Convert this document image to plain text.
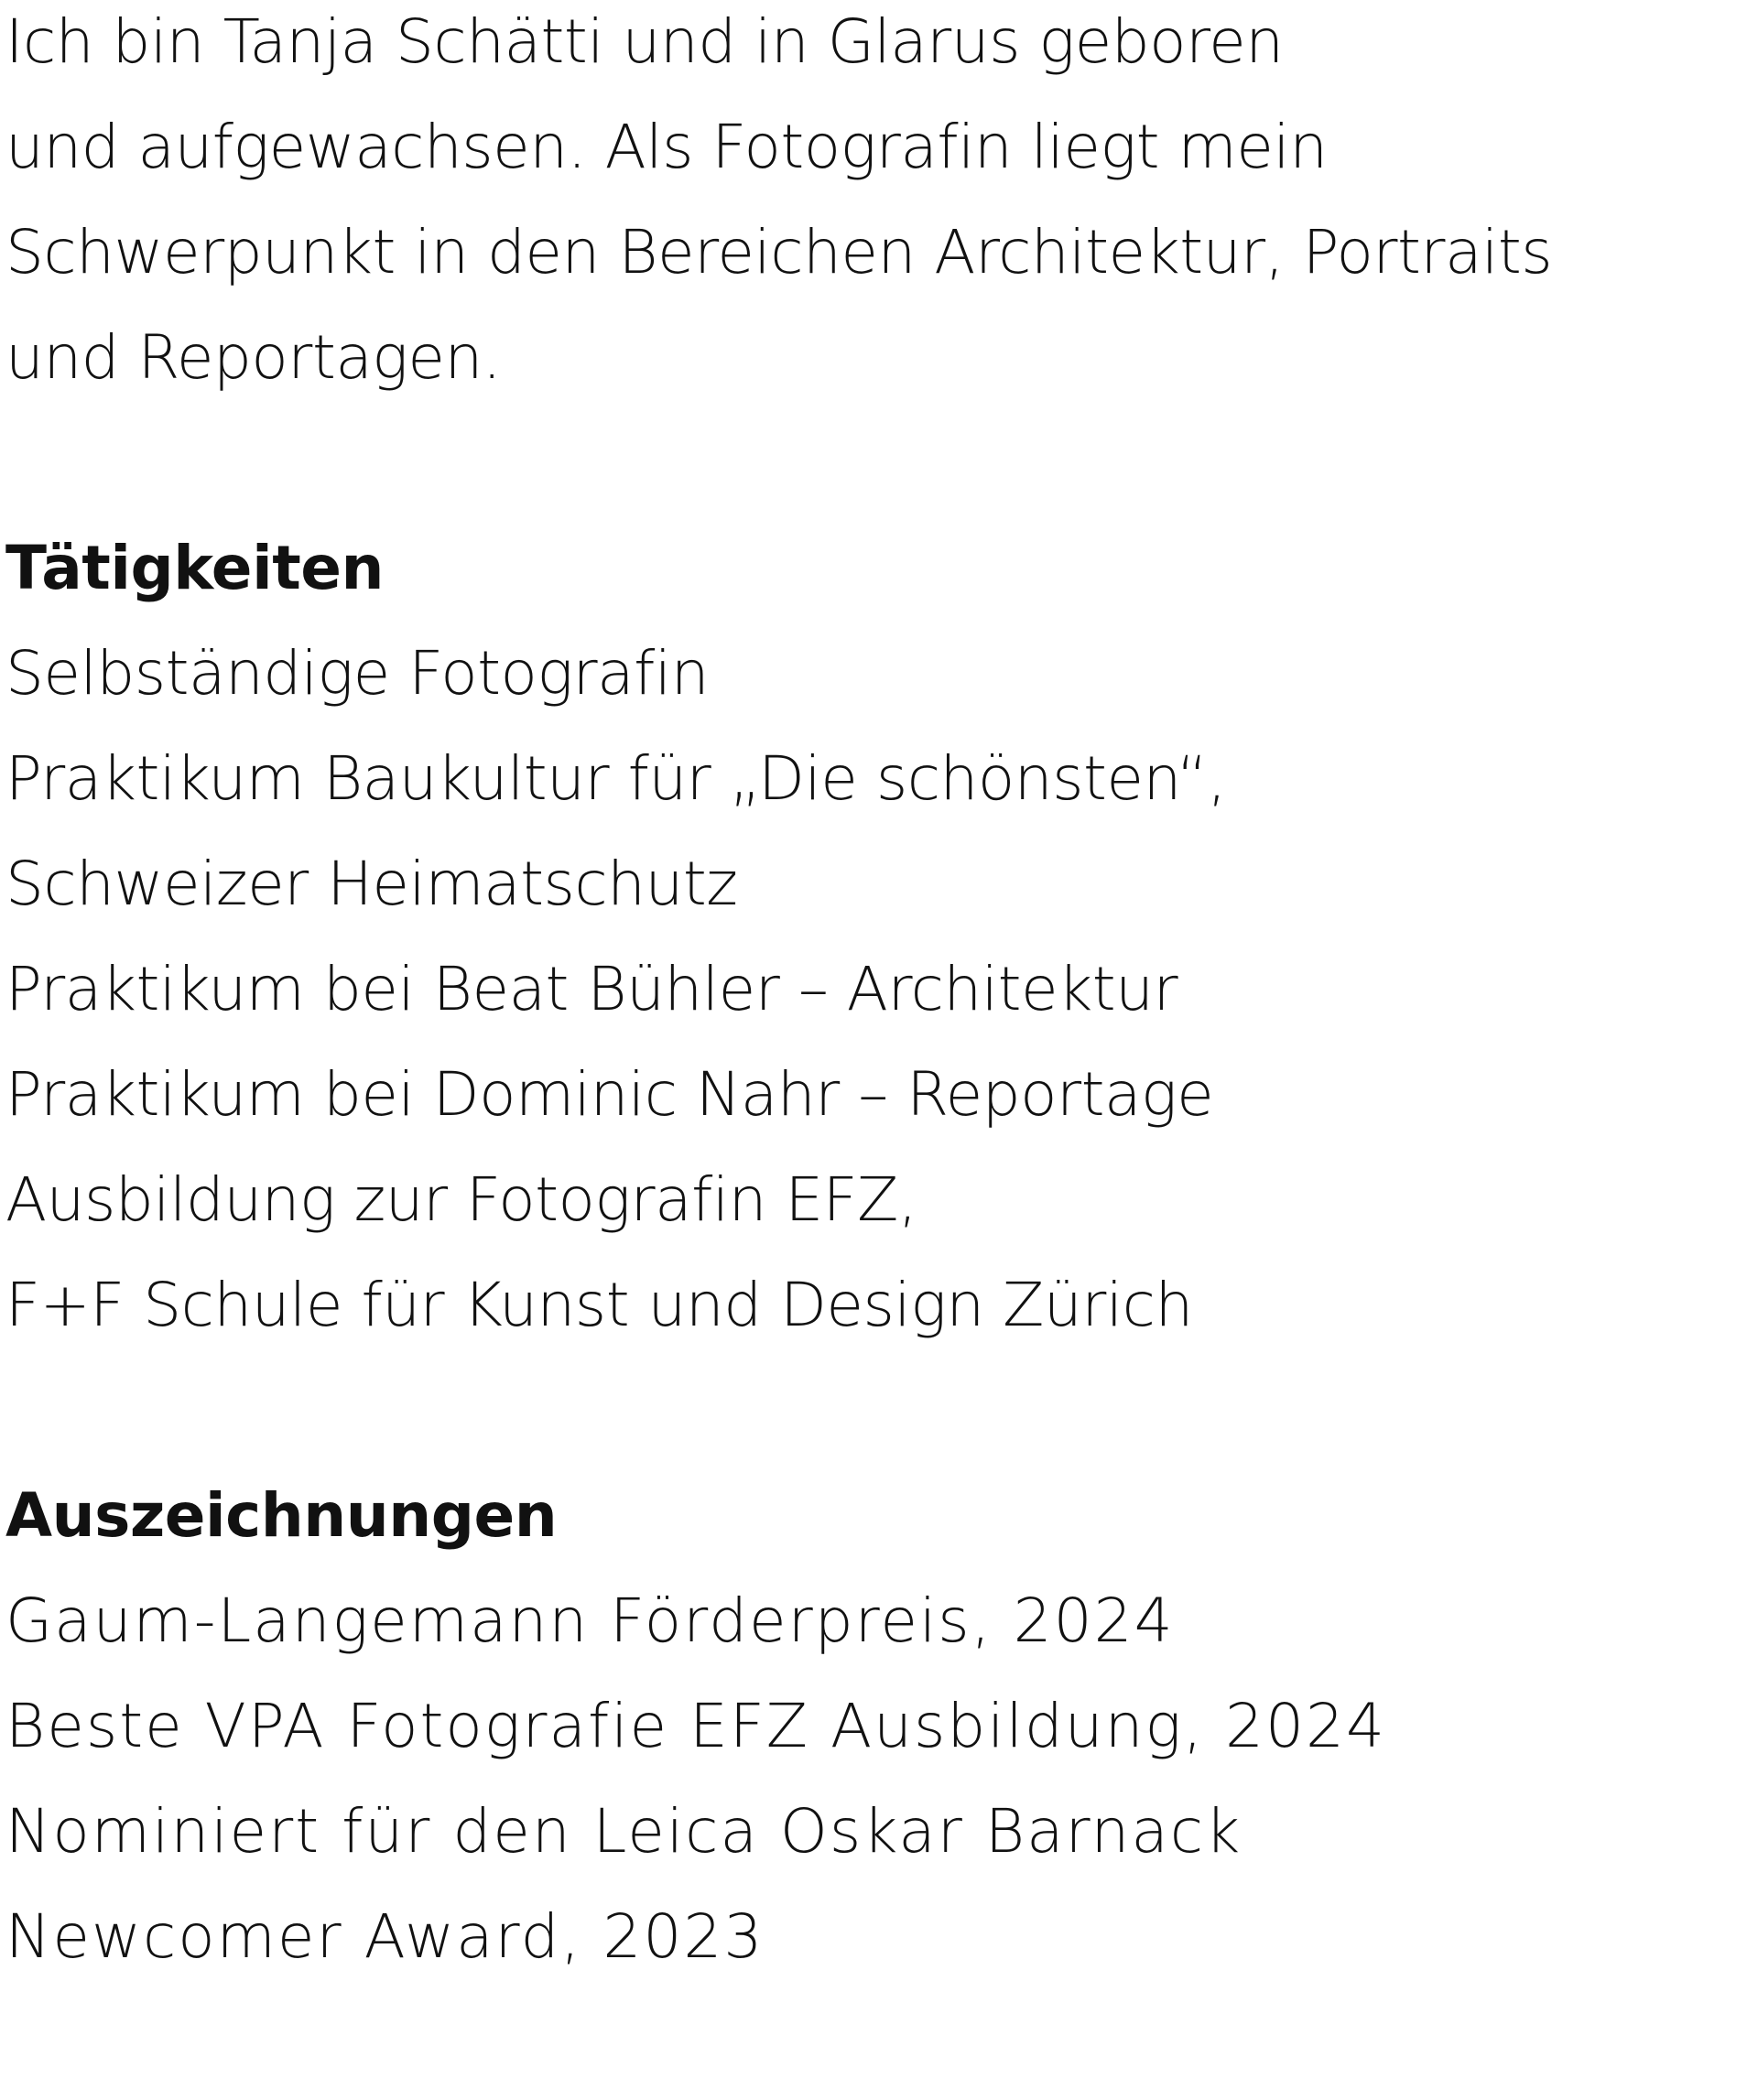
Ich bin Tanja Schätti und in Glarus geboren
und aufgewachsen. Als Fotografin liegt mein
Schwerpunkt in den Bereichen Architektur, Portraits
und Reportagen.

Tätigkeiten
Selbständige Fotografin
Praktikum Baukultur für „Die schönsten“,
Schweizer Heimatschutz
Praktikum bei Beat Bühler – Architektur
Praktikum bei Dominic Nahr – Reportage
Ausbildung zur Fotografin EFZ,
F+F Schule für Kunst und Design Zürich
Auszeichnungen
Gaum-Langemann Förderpreis, 2024
Beste VPA Fotografie EFZ Ausbildung, 2024
Nominiert für den Leica Oskar Barnack
Newcomer Award, 2023
